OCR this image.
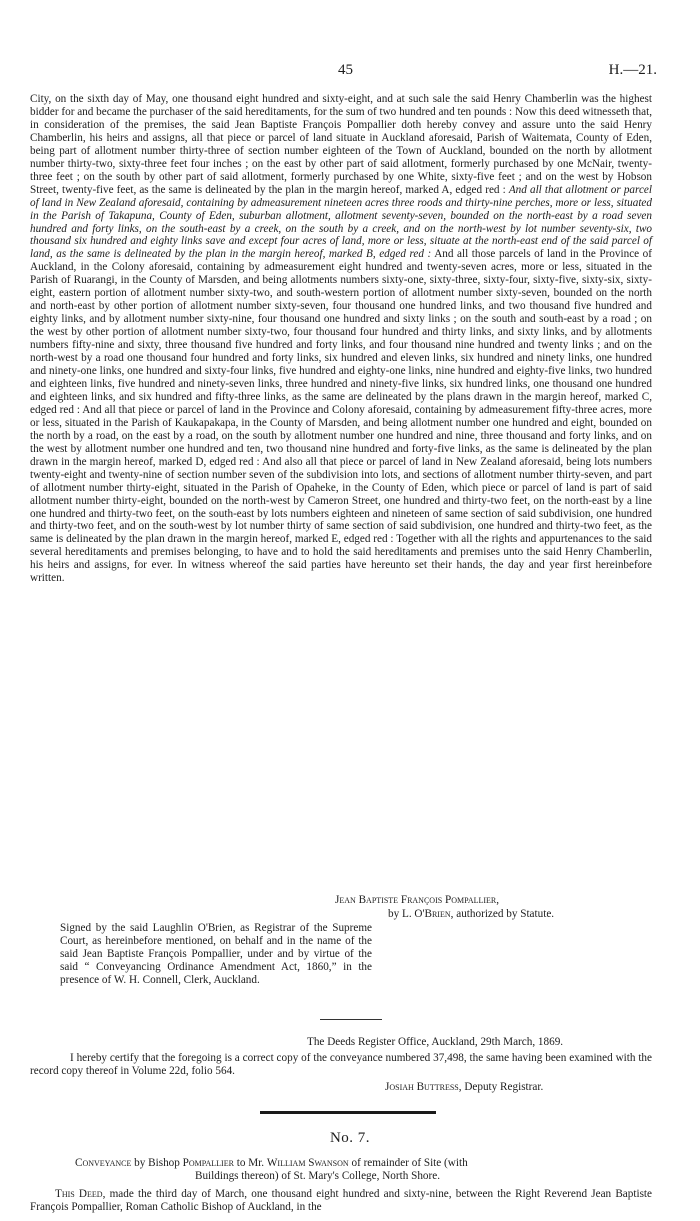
45	H.—21.

City, on the sixth day of May, one thousand eight hundred and sixty-eight, and at such sale the said Henry Chamberlin was the highest bidder for and became the purchaser of the said hereditaments, for the sum of two hundred and ten pounds : Now this deed witnesseth that, in consideration of the premises, the said Jean Baptiste François Pompallier doth hereby convey and assure unto the said Henry Chamberlin, his heirs and assigns, all that piece or parcel of land situate in Auckland aforesaid, Parish of Waitemata, County of Eden, being part of allotment number thirty-three of section number eighteen of the Town of Auckland, bounded on the north by allotment number thirty-two, sixty-three feet four inches ; on the east by other part of said allotment, formerly purchased by one McNair, twenty-three feet ; on the south by other part of said allotment, formerly purchased by one White, sixty-five feet ; and on the west by Hobson Street, twenty-five feet, as the same is delineated by the plan in the margin hereof, marked A, edged red : And all that allotment or parcel of land in New Zealand aforesaid, containing by admeasurement nineteen acres three roods and thirty-nine perches, more or less, situated in the Parish of Takapuna, County of Eden, suburban allotment, allotment seventy-seven, bounded on the north-east by a road seven hundred and forty links, on the south-east by a creek, on the south by a creek, and on the north-west by lot number seventy-six, two thousand six hundred and eighty links save and except four acres of land, more or less, situate at the north-east end of the said parcel of land, as the same is delineated by the plan in the margin hereof, marked B, edged red : And all those parcels of land in the Province of Auckland, in the Colony aforesaid, containing by admeasurement eight hundred and twenty-seven acres, more or less, situated in the Parish of Ruarangi, in the County of Marsden, and being allotments numbers sixty-one, sixty-three, sixty-four, sixty-five, sixty-six, sixty-eight, eastern portion of allotment number sixty-two, and south-western portion of allotment number sixty-seven, bounded on the north and north-east by other portion of allotment number sixty-seven, four thousand one hundred links, and two thousand five hundred and eighty links, and by allotment number sixty-nine, four thousand one hundred and sixty links ; on the south and south-east by a road ; on the west by other portion of allotment number sixty-two, four thousand four hundred and thirty links, and sixty links, and by allotments numbers fifty-nine and sixty, three thousand five hundred and forty links, and four thousand nine hundred and twenty links ; and on the north-west by a road one thousand four hundred and forty links, six hundred and eleven links, six hundred and ninety links, one hundred and ninety-one links, one hundred and sixty-four links, five hundred and eighty-one links, nine hundred and eighty-five links, two hundred and eighteen links, five hundred and ninety-seven links, three hundred and ninety-five links, six hundred links, one thousand one hundred and eighteen links, and six hundred and fifty-three links, as the same are delineated by the plans drawn in the margin hereof, marked C, edged red : And all that piece or parcel of land in the Province and Colony aforesaid, containing by admeasurement fifty-three acres, more or less, situated in the Parish of Kaukapakapa, in the County of Marsden, and being allotment number one hundred and eight, bounded on the north by a road, on the east by a road, on the south by allotment number one hundred and nine, three thousand and forty links, and on the west by allotment number one hundred and ten, two thousand nine hundred and forty-five links, as the same is delineated by the plan drawn in the margin hereof, marked D, edged red : And also all that piece or parcel of land in New Zealand aforesaid, being lots numbers twenty-eight and twenty-nine of section number seven of the subdivision into lots, and sections of allotment number thirty-seven, and part of allotment number thirty-eight, situated in the Parish of Opaheke, in the County of Eden, which piece or parcel of land is part of said allotment number thirty-eight, bounded on the north-west by Cameron Street, one hundred and thirty-two feet, on the north-east by a line one hundred and thirty-two feet, on the south-east by lots numbers eighteen and nineteen of same section of said subdivision, one hundred and thirty-two feet, and on the south-west by lot number thirty of same section of said subdivision, one hundred and thirty-two feet, as the same is delineated by the plan drawn in the margin hereof, marked E, edged red : Together with all the rights and appurtenances to the said several hereditaments and premises belonging, to have and to hold the said hereditaments and premises unto the said Henry Chamberlin, his heirs and assigns, for ever. In witness whereof the said parties have hereunto set their hands, the day and year first hereinbefore written.

Jean Baptiste François Pompallier,
by L. O'Brien, authorized by Statute.

Signed by the said Laughlin O'Brien, as Registrar of the Supreme Court, as hereinbefore mentioned, on behalf and in the name of the said Jean Baptiste François Pompallier, under and by virtue of the said “ Conveyancing Ordinance Amendment Act, 1860,” in the presence of W. H. Connell, Clerk, Auckland.

The Deeds Register Office, Auckland, 29th March, 1869.

I hereby certify that the foregoing is a correct copy of the conveyance numbered 37,498, the same having been examined with the record copy thereof in Volume 22d, folio 564.

Josiah Buttress, Deputy Registrar.
No. 7.

Conveyance by Bishop Pompallier to Mr. William Swanson of remainder of Site (with
Buildings thereon) of St. Mary's College, North Shore.

This Deed, made the third day of March, one thousand eight hundred and sixty-nine, between the Right Reverend Jean Baptiste François Pompallier, Roman Catholic Bishop of Auckland, in the
